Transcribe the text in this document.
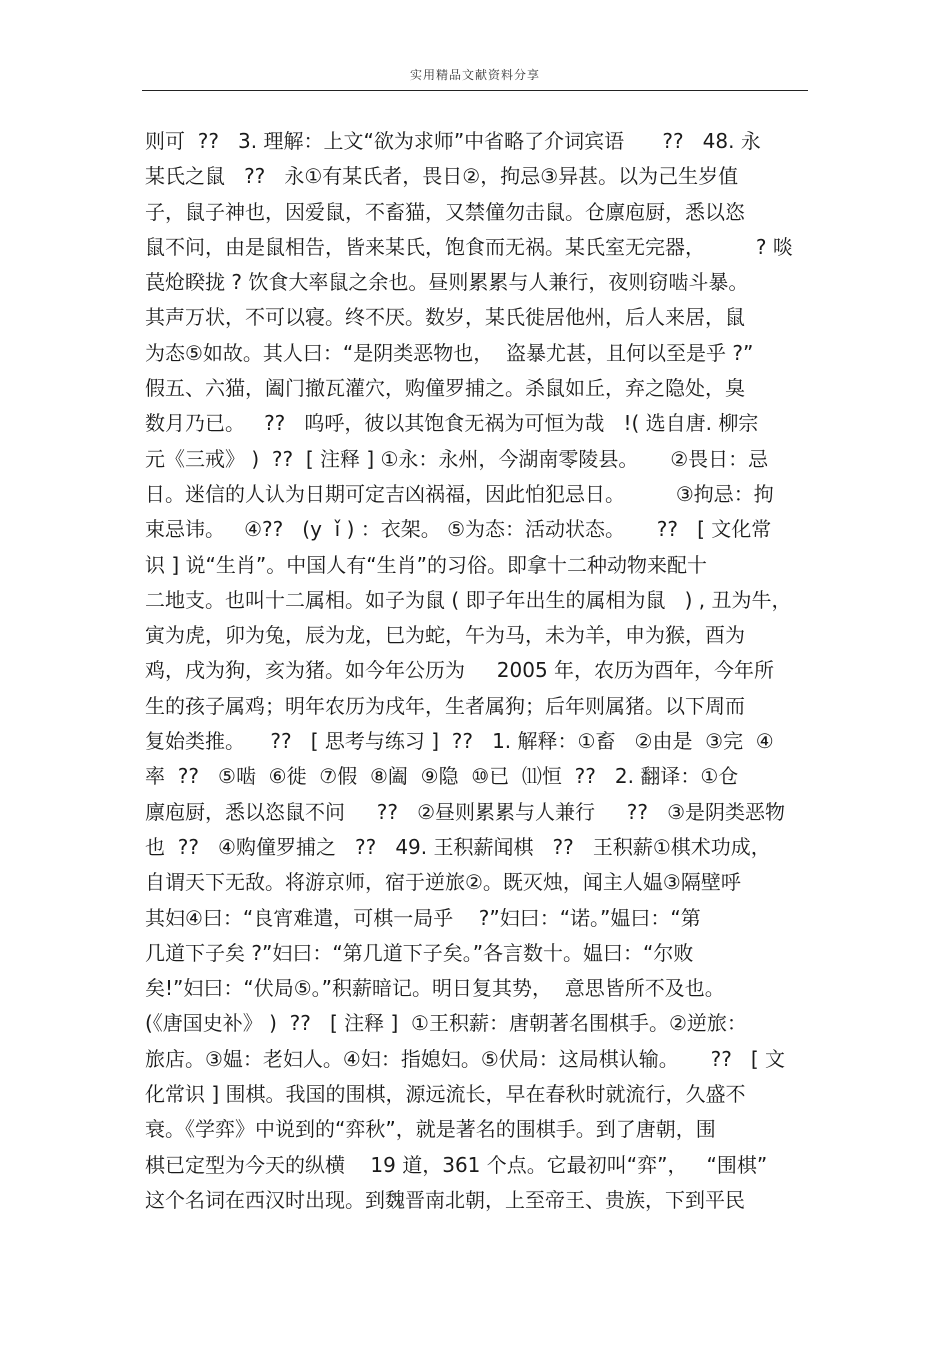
实用精品文献资料分享
则可  ??   3. 理解：上文“欲为求师”中省略了介词宾语      ??   48. 永
某氏之鼠   ??   永①有某氏者，畏日②，拘忌③异甚。以为己生岁值
子，鼠子神也，因爱鼠，不畜猫，又禁僮勿击鼠。仓廪庖厨，悉以恣
鼠不问，由是鼠相告，皆来某氏，饱食而无祸。某氏室无完器，        ? 啖
苠炝睽拢 ? 饮食大率鼠之余也。昼则累累与人兼行，夜则窃啮斗暴。
其声万状，不可以寝。终不厌。数岁，某氏徙居他州，后人来居，鼠
为态⑤如故。其人曰：“是阴类恶物也，  盗暴尤甚，且何以至是乎 ?”
假五、六猫，阖门撤瓦灌穴，购僮罗捕之。杀鼠如丘，弃之隐处，臭
数月乃已。   ??   呜呼，彼以其饱食无祸为可恒为哉   !( 选自唐. 柳宗
元《三戒》 )  ??  [ 注释 ] ①永：永州，今湖南零陵县。     ②畏日：忌
日。迷信的人认为日期可定吉凶祸福，因此怕犯忌日。        ③拘忌：拘
束忌讳。   ④??   (y  ǐ ) ：衣架。 ⑤为态：活动状态。     ??   [ 文化常
识 ] 说“生肖”。中国人有“生肖”的习俗。即拿十二种动物来配十
二地支。也叫十二属相。如子为鼠 ( 即子年出生的属相为鼠   ) , 丑为牛，
寅为虎，卯为兔，辰为龙，巳为蛇，午为马，未为羊，申为猴，酉为
鸡，戌为狗，亥为猪。如今年公历为     2005 年，农历为酉年，今年所
生的孩子属鸡；明年农历为戌年，生者属狗；后年则属猪。以下周而
复始类推。    ??   [ 思考与练习 ]  ??   1. 解释：①畜   ②由是  ③完  ④
率  ??   ⑤啮  ⑥徙  ⑦假  ⑧阖  ⑨隐  ⑩已  ⑾恒  ??   2. 翻译：①仓
廪庖厨，悉以恣鼠不问     ??   ②昼则累累与人兼行     ??   ③是阴类恶物
也  ??   ④购僮罗捕之   ??   49. 王积薪闻棋   ??   王积薪①棋术功成，
自谓天下无敌。将游京师，宿于逆旅②。既灭烛，闻主人媪③隔壁呼
其妇④曰：“良宵难遣，可棋一局乎    ?”妇曰：“诺。”媪曰：“第
几道下子矣 ?”妇曰：“第几道下子矣。”各言数十。媪曰：“尔败
矣!”妇曰：“伏局⑤。”积薪暗记。明日复其势，  意思皆所不及也。
(《唐国史补》 )  ??   [ 注释 ]  ①王积薪：唐朝著名围棋手。②逆旅：
旅店。③媪：老妇人。④妇：指媳妇。⑤伏局：这局棋认输。     ??   [ 文
化常识 ] 围棋。我国的围棋，源远流长，早在春秋时就流行，久盛不
衰。《学弈》中说到的“弈秋”，就是著名的围棋手。到了唐朝，围
棋已定型为今天的纵横    19 道，361 个点。它最初叫“弈”，   “围棋”
这个名词在西汉时出现。到魏晋南北朝，上至帝王、贵族，下到平民
